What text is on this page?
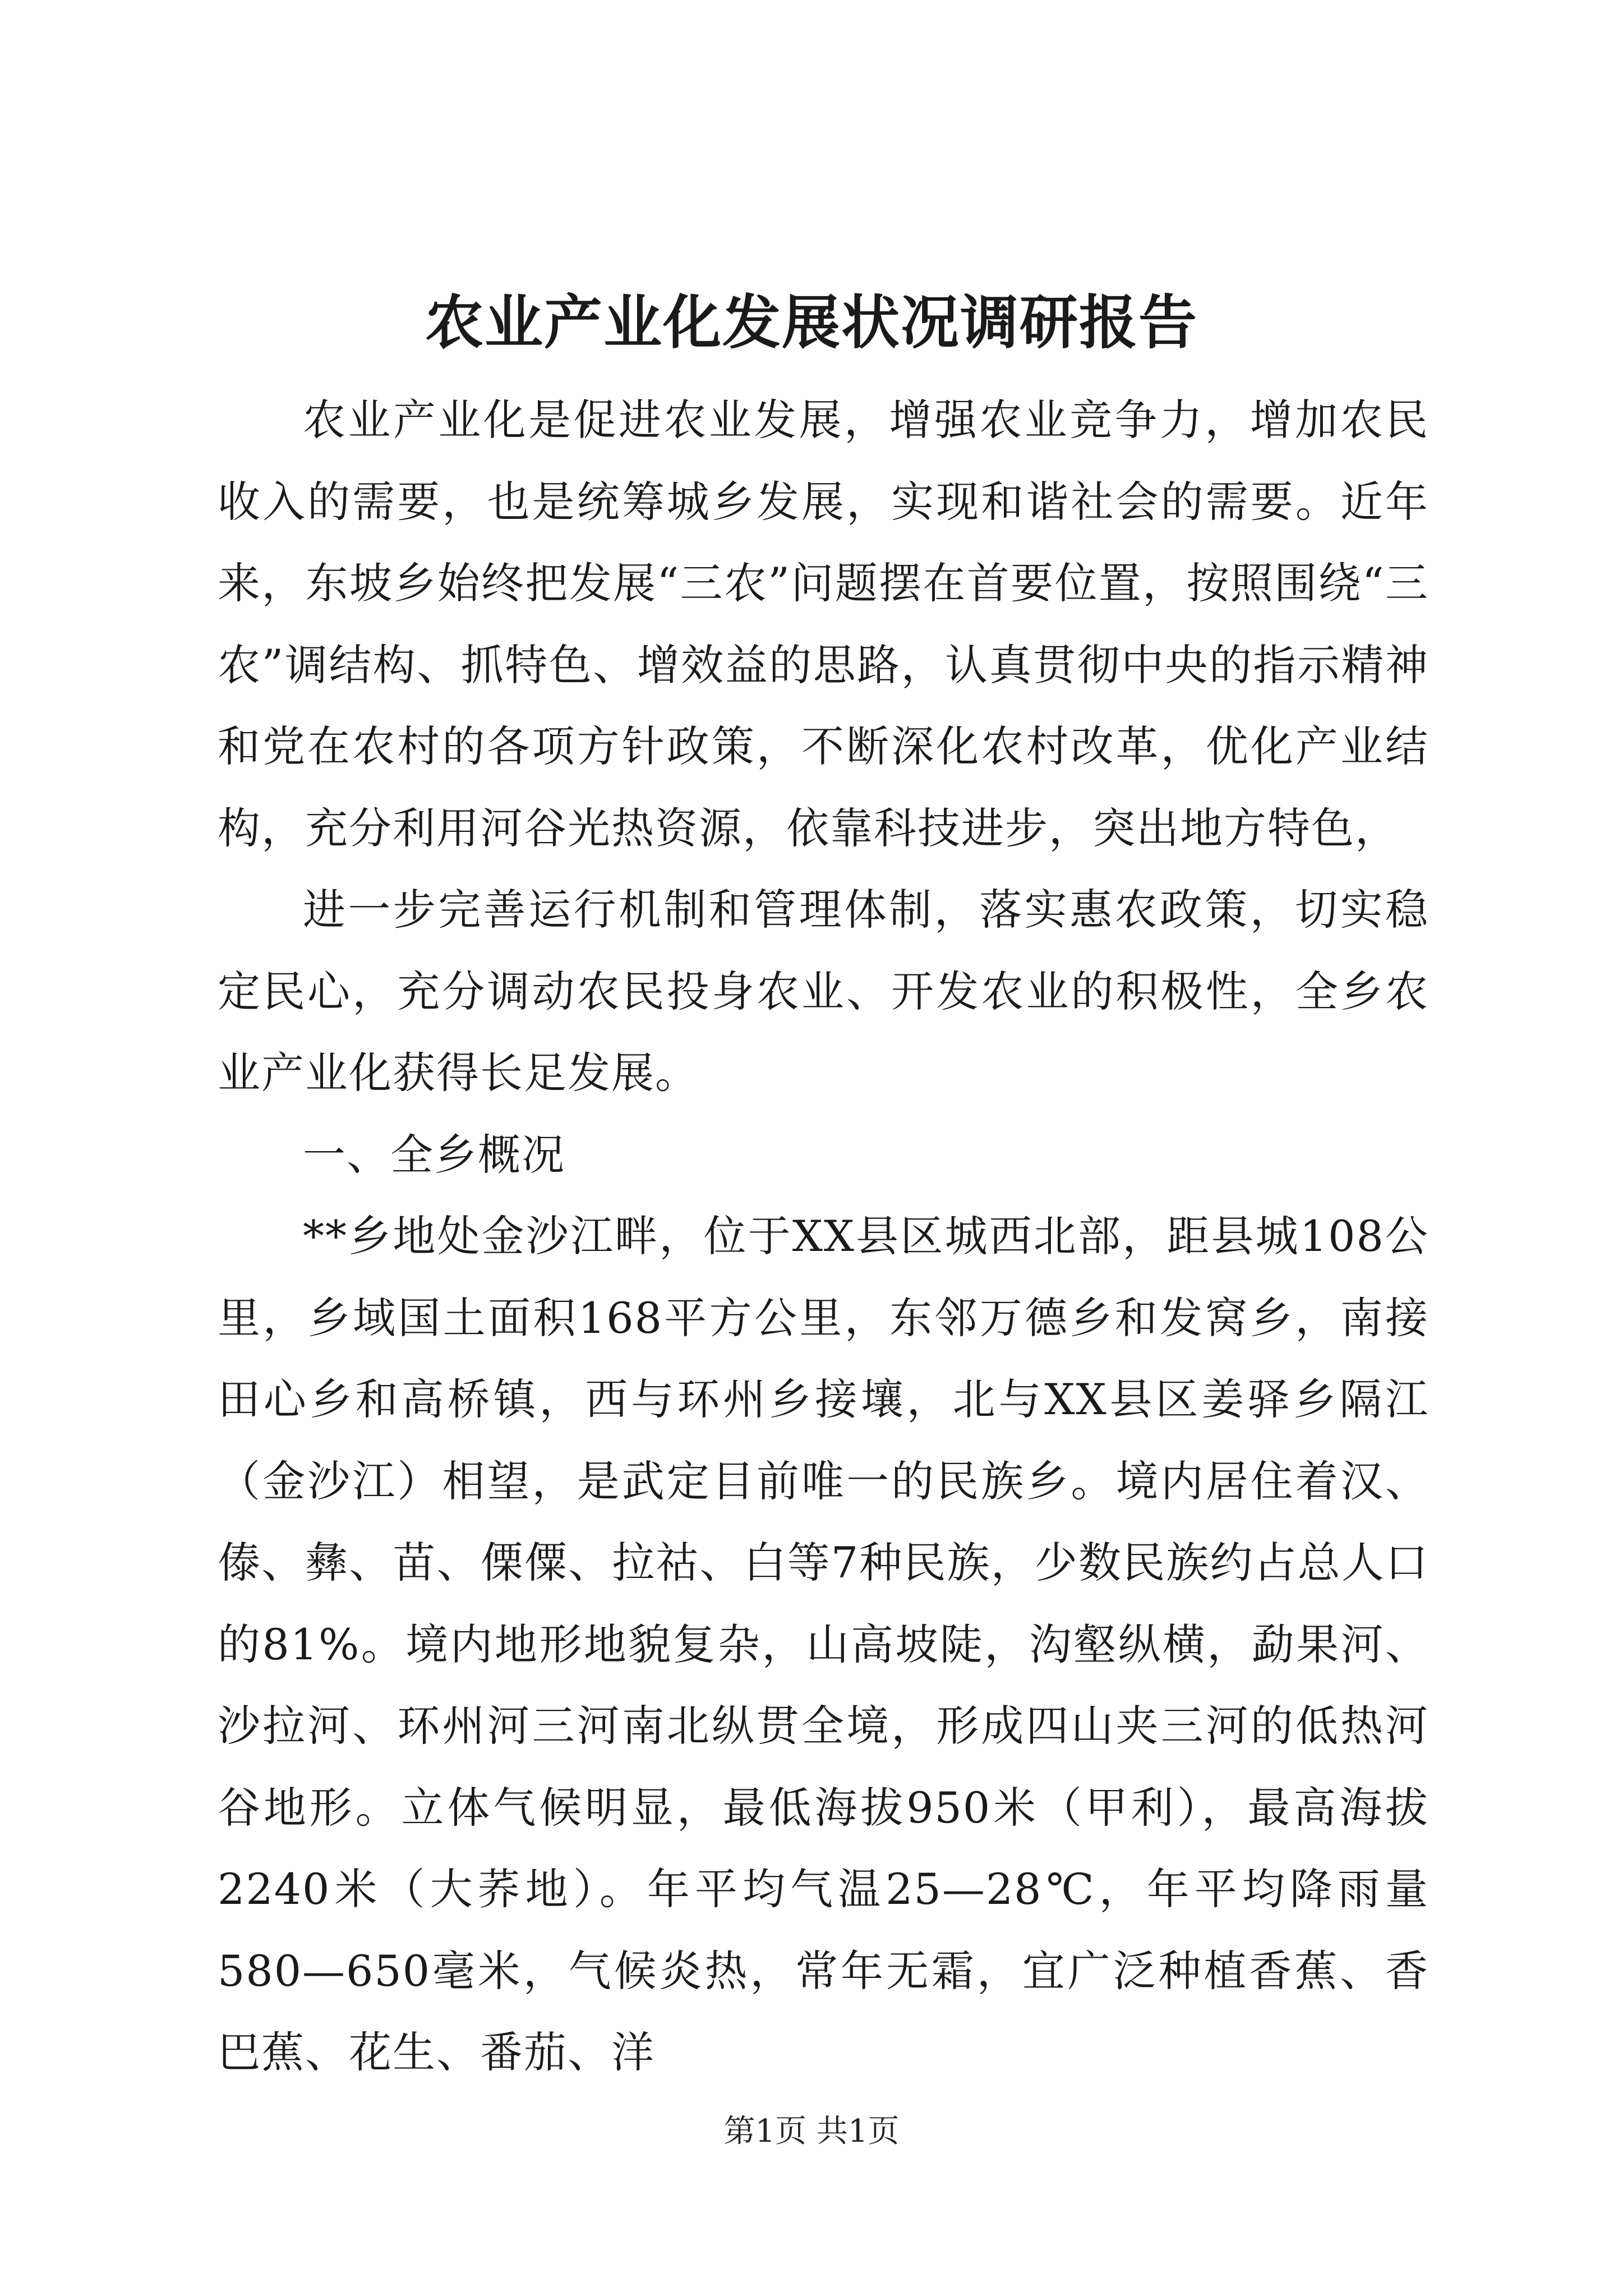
农业产业化发展状况调研报告

农业产业化是促进农业发展，增强农业竞争力，增加农民收入的需要，也是统筹城乡发展，实现和谐社会的需要。近年来，东坡乡始终把发展“三农”问题摆在首要位置，按照围绕“三农”调结构、抓特色、增效益的思路，认真贯彻中央的指示精神和党在农村的各项方针政策，不断深化农村改革，优化产业结构，充分利用河谷光热资源，依靠科技进步，突出地方特色，

进一步完善运行机制和管理体制，落实惠农政策，切实稳定民心，充分调动农民投身农业、开发农业的积极性，全乡农业产业化获得长足发展。

一、全乡概况

**乡地处金沙江畔，位于XX县区城西北部，距县城108公里，乡域国土面积168平方公里，东邻万德乡和发窝乡，南接田心乡和高桥镇，西与环州乡接壤，北与XX县区姜驿乡隔江（金沙江）相望，是武定目前唯一的民族乡。境内居住着汉、傣、彝、苗、傈僳、拉祜、白等7种民族，少数民族约占总人口的81%。境内地形地貌复杂，山高坡陡，沟壑纵横，勐果河、沙拉河、环州河三河南北纵贯全境，形成四山夹三河的低热河谷地形。立体气候明显，最低海拔950米（甲利），最高海拔2240米（大荞地）。年平均气温25—28℃，年平均降雨量580—650毫米，气候炎热，常年无霜，宜广泛种植香蕉、香巴蕉、花生、番茄、洋

第1页 共1页
